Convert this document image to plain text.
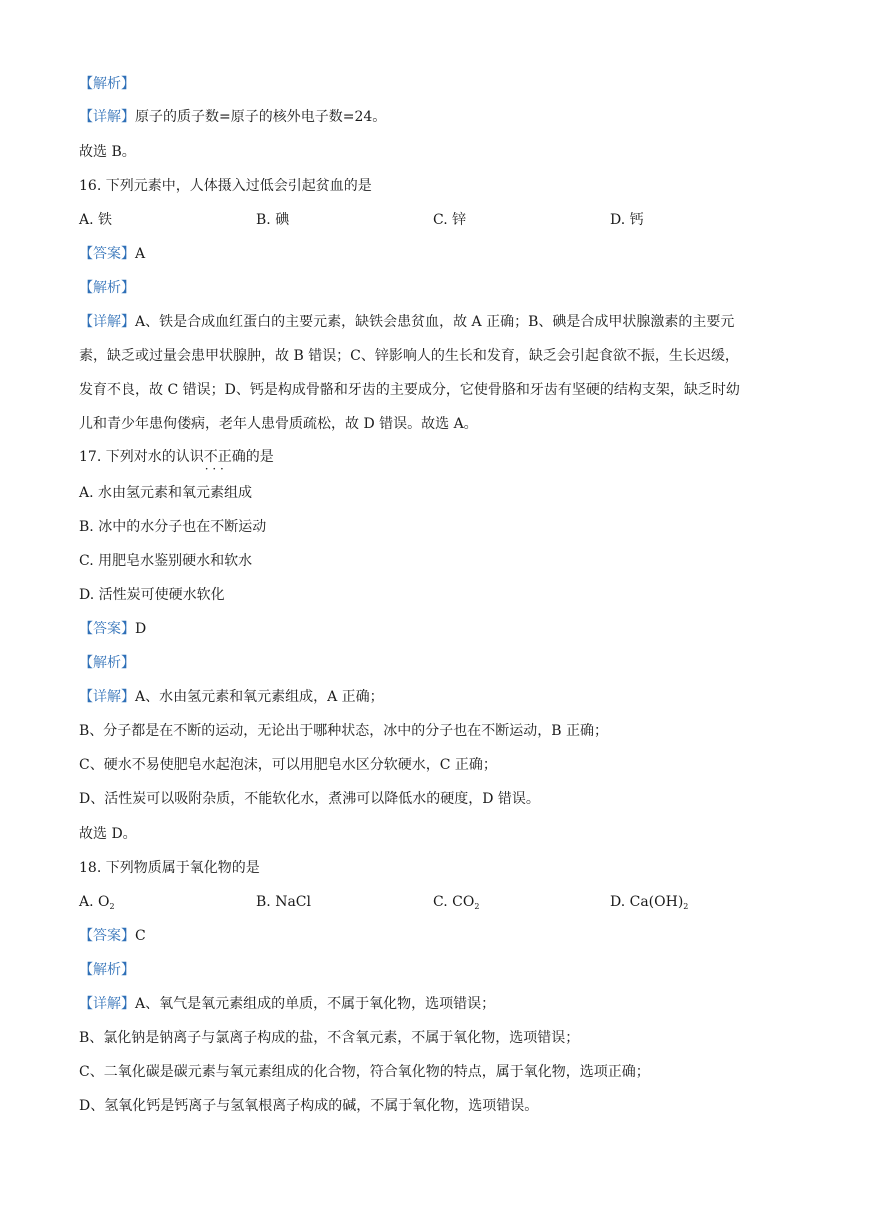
【解析】
【详解】原子的质子数=原子的核外电子数=24。
故选 B。
16. 下列元素中，人体摄入过低会引起贫血的是
A. 铁	B. 碘	C. 锌	D. 钙
【答案】A
【解析】
【详解】A、铁是合成血红蛋白的主要元素，缺铁会患贫血，故 A 正确；B、碘是合成甲状腺激素的主要元
素，缺乏或过量会患甲状腺肿，故 B 错误；C、锌影响人的生长和发育，缺乏会引起食欲不振，生长迟缓，
发育不良，故 C 错误；D、钙是构成骨骼和牙齿的主要成分，它使骨胳和牙齿有坚硬的结构支架，缺乏时幼
儿和青少年患佝偻病，老年人患骨质疏松，故 D 错误。故选 A。
17. 下列对水的认识不正确 · · ·的是
A. 水由氢元素和氧元素组成
B. 冰中的水分子也在不断运动
C. 用肥皂水鉴别硬水和软水
D. 活性炭可使硬水软化
【答案】D
【解析】
【详解】A、水由氢元素和氧元素组成，A 正确；
B、分子都是在不断的运动，无论出于哪种状态，冰中的分子也在不断运动，B 正确；
C、硬水不易使肥皂水起泡沫，可以用肥皂水区分软硬水，C 正确；
D、活性炭可以吸附杂质，不能软化水，煮沸可以降低水的硬度，D 错误。
故选 D。
18. 下列物质属于氧化物的是
A. $O_2$	B. NaCl	C. $CO_2$	D. $Ca(OH)_2$
【答案】C
【解析】
【详解】A、氧气是氧元素组成的单质，不属于氧化物，选项错误；
B、氯化钠是钠离子与氯离子构成的盐，不含氧元素，不属于氧化物，选项错误；
C、二氧化碳是碳元素与氧元素组成的化合物，符合氧化物的特点，属于氧化物，选项正确；
D、氢氧化钙是钙离子与氢氧根离子构成的碱，不属于氧化物，选项错误。
